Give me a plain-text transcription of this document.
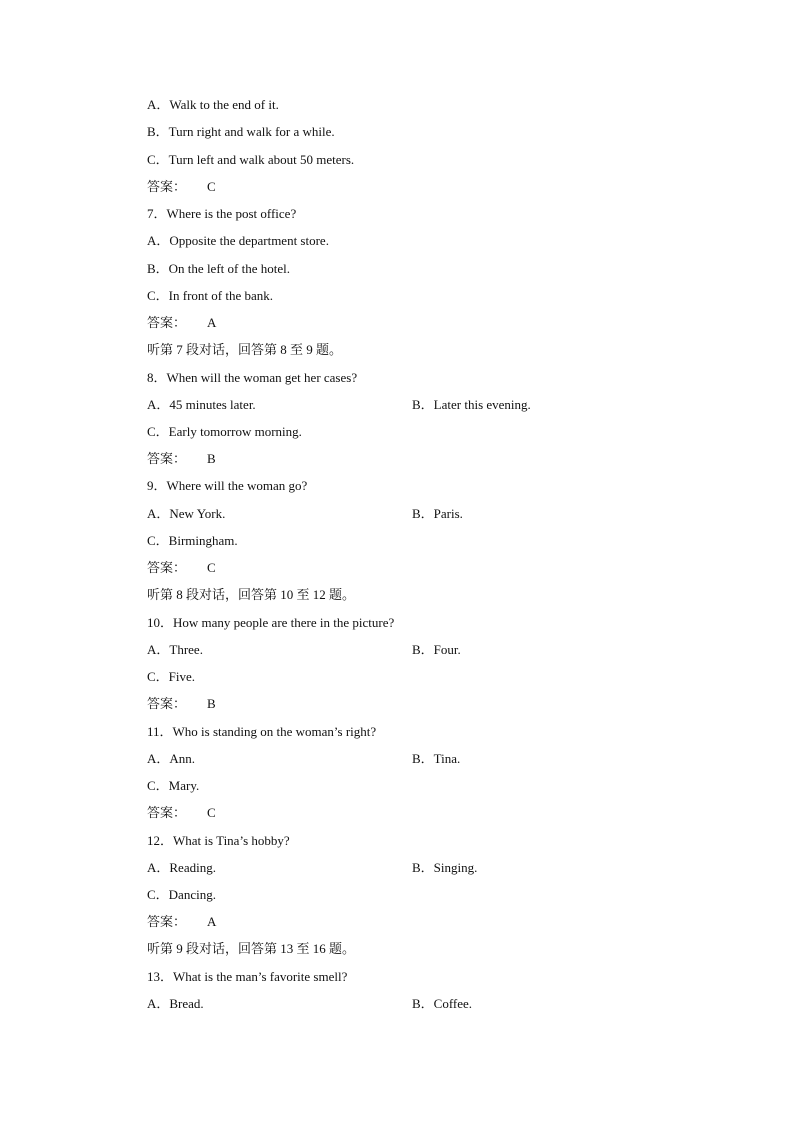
A．Walk to the end of it.
B．Turn right and walk for a while.
C．Turn left and walk about 50 meters.
答案： C
7．Where is the post office?
A．Opposite the department store.
B．On the left of the hotel.
C．In front of the bank.
答案： A
听第 7 段对话，回答第 8 至 9 题。
8．When will the woman get her cases?
A．45 minutes later.	B．Later this evening.
C．Early tomorrow morning.
答案： B
9．Where will the woman go?
A．New York.	B．Paris.
C．Birmingham.
答案： C
听第 8 段对话，回答第 10 至 12 题。
10．How many people are there in the picture?
A．Three.	B．Four.
C．Five.
答案： B
11．Who is standing on the woman’s right?
A．Ann.	B．Tina.
C．Mary.
答案： C
12．What is Tina’s hobby?
A．Reading.	B．Singing.
C．Dancing.
答案： A
听第 9 段对话，回答第 13 至 16 题。
13．What is the man’s favorite smell?
A．Bread.	B．Coffee.
